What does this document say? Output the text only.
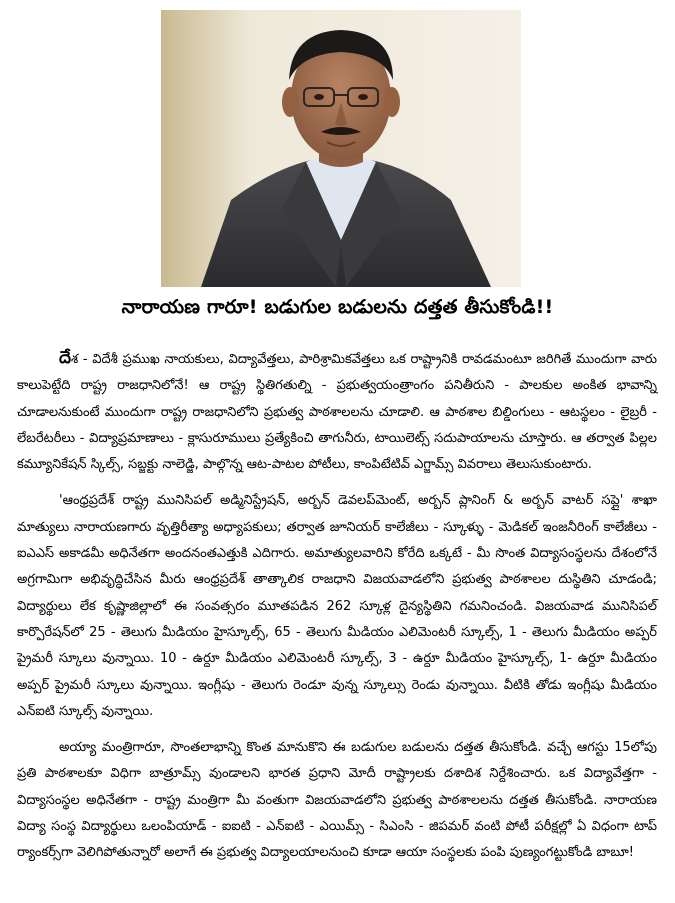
నారాయణ గారూ! బడుగుల బడులను దత్తత తీసుకోండి!!

దేశ - విదేశీ ప్రముఖ నాయకులు, విద్యావేత్తలు, పారిశ్రామికవేత్తలు ఒక రాష్ట్రానికి రావడమంటూ జరిగితే ముందుగా వారు కాలుపెట్టేది రాష్ట్ర రాజధానిలోనే! ఆ రాష్ట్ర స్థితిగతుల్ని - ప్రభుత్వయంత్రాంగం పనితీరుని - పాలకుల అంకిత భావాన్ని చూడాలనుకుంటే ముందుగా రాష్ట్ర రాజధానిలోని ప్రభుత్వ పాఠశాలలను చూడాలి. ఆ పాఠశాల బిల్డింగులు - ఆటస్థలం - లైబ్రరీ - లేబరేటరీలు - విద్యాప్రమాణాలు - క్లాసురూములు ప్రత్యేకించి తాగునీరు, టాయిలెట్స్ సదుపాయాలను చూస్తారు. ఆ తర్వాత పిల్లల కమ్యూనికేషన్ స్కిల్స్, సబ్జక్టు నాలెడ్జి, పాల్గొన్న ఆట-పాటల పోటీలు, కాంపిటేటివ్ ఎగ్జామ్స్ వివరాలు తెలుసుకుంటారు.

'ఆంధ్రప్రదేశ్ రాష్ట్ర మునిసిపల్ అడ్మినిస్ట్రేషన్, అర్బన్ డెవలప్‌మెంట్, అర్బన్ ప్లానింగ్ & అర్బన్ వాటర్ సప్లై' శాఖా మాత్యులు నారాయణగారు వృత్తిరీత్యా అధ్యాపకులు; తర్వాత జూనియర్ కాలేజీలు - స్కూళ్ళు - మెడికల్ ఇంజనీరింగ్ కాలేజీలు - ఐఎఎస్ అకాడమీ అధినేతగా అందనంతఎత్తుకి ఎదిగారు. అమాత్యులవారిని కోరేది ఒక్కటే - మీ సొంత విద్యాసంస్థలను దేశంలోనే అగ్రగామిగా అభివృద్ధిచేసిన మీరు ఆంధ్రప్రదేశ్ తాత్కాలిక రాజధాని విజయవాడలోని ప్రభుత్వ పాఠశాలల దుస్థితిని చూడండి; విద్యార్థులు లేక కృష్ణాజిల్లాలో ఈ సంవత్సరం మూతపడిన 262 స్కూళ్ల దైన్యస్థితిని గమనించండి. విజయవాడ మునిసిపల్ కార్పొరేషన్‌లో 25 - తెలుగు మీడియం హైస్కూల్స్, 65 - తెలుగు మీడియం ఎలిమెంటరీ స్కూల్స్, 1 - తెలుగు మీడియం అప్పర్ ప్రైమరీ స్కూలు వున్నాయి. 10 - ఉర్దూ మీడియం ఎలిమెంటరీ స్కూల్స్, 3 - ఉర్దూ మీడియం హైస్కూల్స్, 1- ఉర్దూ మీడియం అప్పర్ ప్రైమరీ స్కూలు వున్నాయి. ఇంగ్లీషు - తెలుగు రెండూ వున్న స్కూల్సు రెండు వున్నాయి. వీటికి తోడు ఇంగ్లీషు మీడియం ఎన్ఐటి స్కూల్స్ వున్నాయి.

అయ్యా మంత్రిగారూ, సొంతలాభాన్ని కొంత మానుకొని ఈ బడుగుల బడులను దత్తత తీసుకోండి. వచ్చే ఆగస్టు 15లోపు ప్రతి పాఠశాలకూ విధిగా బాత్రూమ్స్ వుండాలని భారత ప్రధాని మోదీ రాష్ట్రాలకు దశాదిశ నిర్దేశించారు. ఒక విద్యావేత్తగా - విద్యాసంస్థల అధినేతగా - రాష్ట్ర మంత్రిగా మీ వంతుగా విజయవాడలోని ప్రభుత్వ పాఠశాలలను దత్తత తీసుకోండి. నారాయణ విద్యా సంస్థ విద్యార్థులు ఒలంపియాడ్ - ఐఐటి - ఎన్ఐటి - ఎయిమ్స్ - సిఎంసి - జిపమర్ వంటి పోటీ పరీక్షల్లో ఏ విధంగా టాప్ ర్యాంకర్స్‌గా వెలిగిపోతున్నారో అలాగే ఈ ప్రభుత్వ విద్యాలయాలనుంచి కూడా ఆయా సంస్థలకు పంపి పుణ్యంగట్టుకోండి బాబూ!
